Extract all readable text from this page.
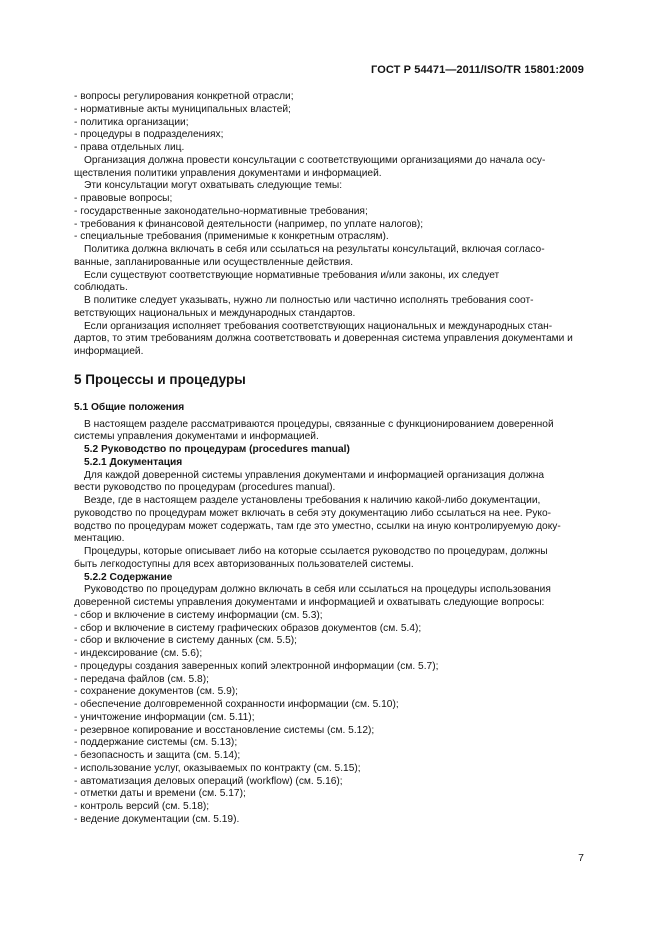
ГОСТ Р 54471—2011/ISO/TR 15801:2009

- вопросы регулирования конкретной отрасли;

- нормативные акты муниципальных властей;

- политика организации;

- процедуры в подразделениях;

- права отдельных лиц.

Организация должна провести консультации с соответствующими организациями до начала осу-

ществления политики управления документами и информацией.

Эти консультации могут охватывать следующие темы:

- правовые вопросы;

- государственные законодательно-нормативные требования;

- требования к финансовой деятельности (например, по уплате налогов);

- специальные требования (применимые к конкретным отраслям).

Политика должна включать в себя или ссылаться на результаты консультаций, включая согласо-

ванные, запланированные или осуществленные действия.

Если существуют соответствующие нормативные требования и/или законы, их следует

соблюдать.

В политике следует указывать, нужно ли полностью или частично исполнять требования соот-

ветствующих национальных и международных стандартов.

Если организация исполняет требования соответствующих национальных и международных стан-

дартов, то этим требованиям должна соответствовать и доверенная система управления документами и

информацией.

5 Процессы и процедуры

5.1 Общие положения

В настоящем разделе рассматриваются процедуры, связанные с функционированием доверенной

системы управления документами и информацией.

5.2 Руководство по процедурам (procedures manual)

5.2.1 Документация

Для каждой доверенной системы управления документами и информацией организация должна

вести руководство по процедурам (procedures manual).

Везде, где в настоящем разделе установлены требования к наличию какой-либо документации,

руководство по процедурам может включать в себя эту документацию либо ссылаться на нее. Руко-

водство по процедурам может содержать, там где это уместно, ссылки на иную контролируемую доку-

ментацию.

Процедуры, которые описывает либо на которые ссылается руководство по процедурам, должны

быть легкодоступны для всех авторизованных пользователей системы.

5.2.2 Содержание

Руководство по процедурам должно включать в себя или ссылаться на процедуры использования

доверенной системы управления документами и информацией и охватывать следующие вопросы:

- сбор и включение в систему информации (см. 5.3);

- сбор и включение в систему графических образов документов (см. 5.4);

- сбор и включение в систему данных (см. 5.5);

- индексирование (см. 5.6);

- процедуры создания заверенных копий электронной информации (см. 5.7);

- передача файлов (см. 5.8);

- сохранение документов (см. 5.9);

- обеспечение долговременной сохранности информации (см. 5.10);

- уничтожение информации (см. 5.11);

- резервное копирование и восстановление системы (см. 5.12);

- поддержание системы (см. 5.13);

- безопасность и защита (см. 5.14);

- использование услуг, оказываемых по контракту (см. 5.15);

- автоматизация деловых операций (workflow) (см. 5.16);

- отметки даты и времени (см. 5.17);

- контроль версий (см. 5.18);

- ведение документации (см. 5.19).

7
